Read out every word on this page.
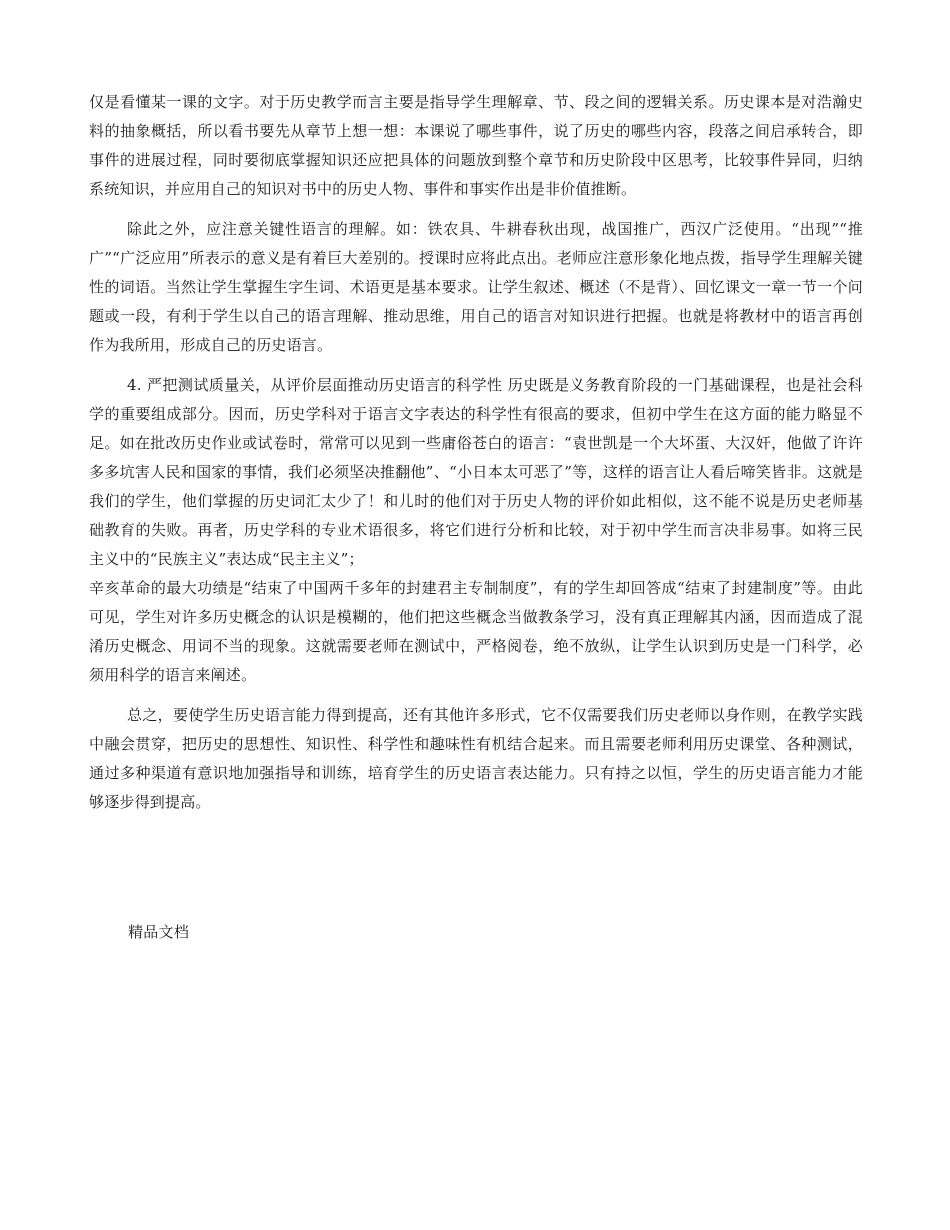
仅是看懂某一课的文字。对于历史教学而言主要是指导学生理解章、节、段之间的逻辑关系。历史课本是对浩瀚史料的抽象概括，所以看书要先从章节上想一想：本课说了哪些事件，说了历史的哪些内容，段落之间启承转合，即事件的进展过程，同时要彻底掌握知识还应把具体的问题放到整个章节和历史阶段中区思考，比较事件异同，归纳系统知识，并应用自己的知识对书中的历史人物、事件和事实作出是非价值推断。

除此之外，应注意关键性语言的理解。如：铁农具、牛耕春秋出现，战国推广，西汉广泛使用。“出现”“推广”“广泛应用”所表示的意义是有着巨大差别的。授课时应将此点出。老师应注意形象化地点拨，指导学生理解关键性的词语。当然让学生掌握生字生词、术语更是基本要求。让学生叙述、概述（不是背）、回忆课文一章一节一个问题或一段，有利于学生以自己的语言理解、推动思维，用自己的语言对知识进行把握。也就是将教材中的语言再创作为我所用，形成自己的历史语言。

4. 严把测试质量关，从评价层面推动历史语言的科学性 历史既是义务教育阶段的一门基础课程，也是社会科学的重要组成部分。因而，历史学科对于语言文字表达的科学性有很高的要求，但初中学生在这方面的能力略显不足。如在批改历史作业或试卷时，常常可以见到一些庸俗苍白的语言：“袁世凯是一个大坏蛋、大汉奸，他做了许许多多坑害人民和国家的事情，我们必须坚决推翻他”、“小日本太可恶了”等，这样的语言让人看后啼笑皆非。这就是我们的学生，他们掌握的历史词汇太少了！和儿时的他们对于历史人物的评价如此相似，这不能不说是历史老师基础教育的失败。再者，历史学科的专业术语很多，将它们进行分析和比较，对于初中学生而言决非易事。如将三民主义中的“民族主义”表达成“民主主义”；
辛亥革命的最大功绩是“结束了中国两千多年的封建君主专制制度”，有的学生却回答成“结束了封建制度”等。由此可见，学生对许多历史概念的认识是模糊的，他们把这些概念当做教条学习，没有真正理解其内涵，因而造成了混淆历史概念、用词不当的现象。这就需要老师在测试中，严格阅卷，绝不放纵，让学生认识到历史是一门科学，必须用科学的语言来阐述。

总之，要使学生历史语言能力得到提高，还有其他许多形式，它不仅需要我们历史老师以身作则，在教学实践中融会贯穿，把历史的思想性、知识性、科学性和趣味性有机结合起来。而且需要老师利用历史课堂、各种测试，通过多种渠道有意识地加强指导和训练，培育学生的历史语言表达能力。只有持之以恒，学生的历史语言能力才能够逐步得到提高。

精品文档
